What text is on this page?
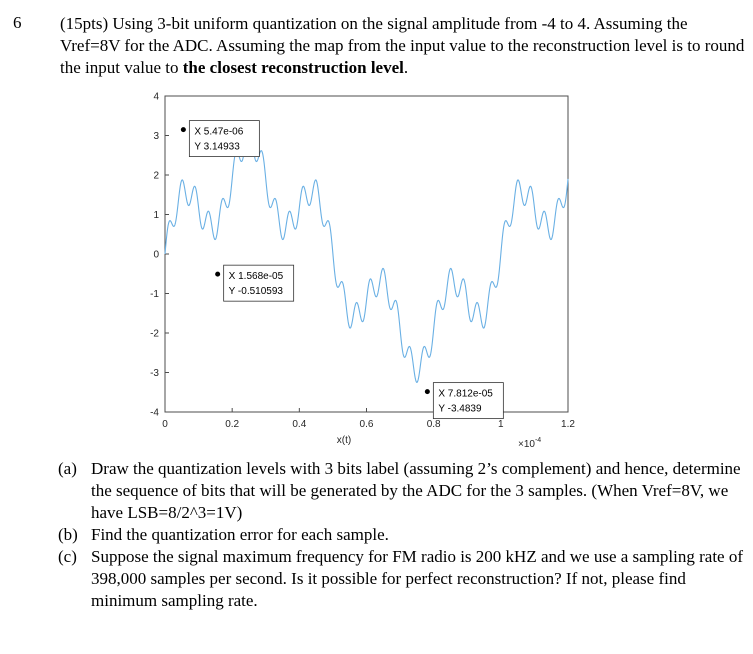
6 (15pts) Using 3-bit uniform quantization on the signal amplitude from -4 to 4. Assuming the Vref=8V for the ADC. Assuming the map from the input value to the reconstruction level is to round the input value to the closest reconstruction level.
4
3
2
1
0
-1
-2
-3
-4
0	0.2	0.4	0.6	0.8	1	1.2
X 5.47e-06
Y 3.14933
X 1.568e-05
Y -0.510593
X 7.812e-05
Y -3.4839
x(t)	$\times 10^{-4}$
(a) Draw the quantization levels with 3 bits label (assuming 2’s complement) and hence, determine the sequence of bits that will be generated by the ADC for the 3 samples. (When Vref=8V, we have LSB=8/2^3=1V)
(b) Find the quantization error for each sample.
(c) Suppose the signal maximum frequency for FM radio is 200 kHZ and we use a sampling rate of 398,000 samples per second. Is it possible for perfect reconstruction? If not, please find minimum sampling rate.
